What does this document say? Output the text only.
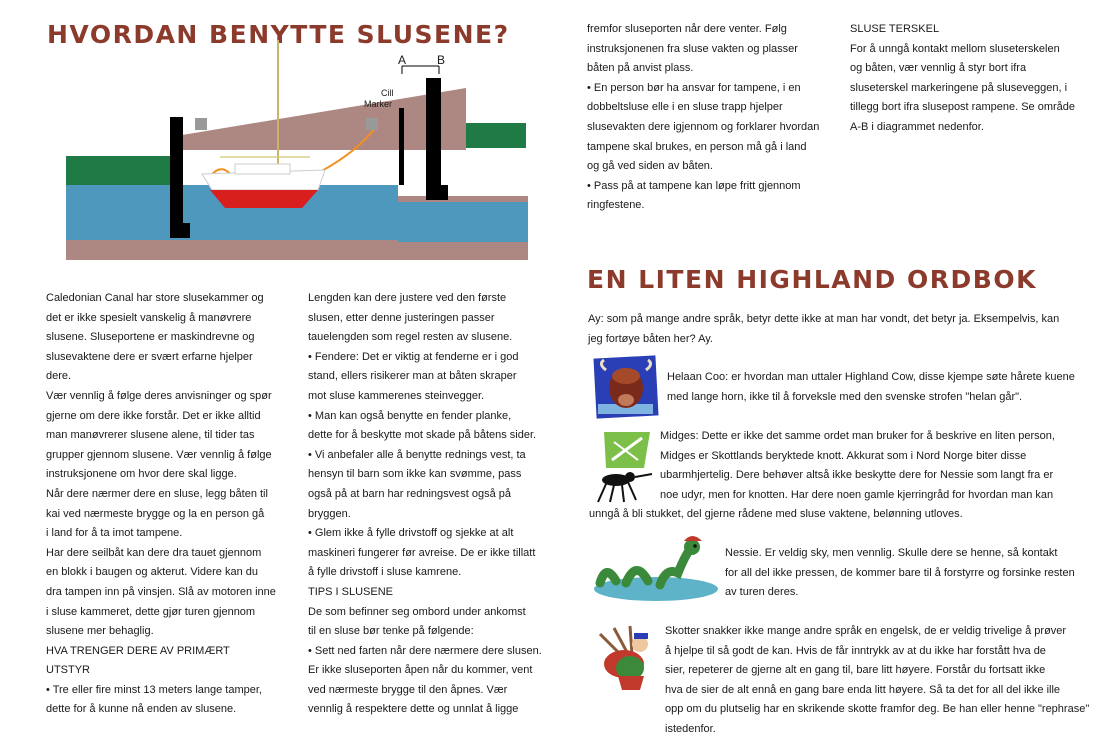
HVORDAN BENYTTE SLUSENE?
A	B
Cill
Marker

Caledonian Canal har store slusekammer og

det er ikke spesielt vanskelig å manøvrere

slusene. Sluseportene er maskindrevne og

slusevaktene dere er svært erfarne hjelper

dere.

Vær vennlig å følge deres anvisninger og spør

gjerne om dere ikke forstår. Det er ikke alltid

man manøvrerer slusene alene, til tider tas

grupper gjennom slusene. Vær vennlig å følge

instruksjonene om hvor dere skal ligge.

Når dere nærmer dere en sluse, legg båten til

kai ved nærmeste brygge og la en person gå

i land for å ta imot tampene.

Har dere seilbåt kan dere dra tauet gjennom

en blokk i baugen og akterut. Videre kan du

dra tampen inn på vinsjen. Slå av motoren inne

i sluse kammeret, dette gjør turen gjennom

slusene mer behaglig.

HVA TRENGER DERE AV PRIMÆRT

UTSTYR

• Tre eller fire minst 13 meters lange tamper,

dette for å kunne nå enden av slusene.

Lengden kan dere justere ved den første

slusen, etter denne justeringen passer

tauelengden som regel resten av slusene.

• Fendere: Det er viktig at fenderne er i god

stand, ellers risikerer man at båten skraper

mot sluse kammerenes steinvegger.

• Man kan også benytte en fender planke,

dette for å beskytte mot skade på båtens sider.

• Vi anbefaler alle å benytte rednings vest, ta

hensyn til barn som ikke kan svømme, pass

også på at barn har redningsvest også på

bryggen.

• Glem ikke å fylle drivstoff og sjekke at alt

maskineri fungerer før avreise. De er ikke tillatt

å fylle drivstoff i sluse kamrene.

TIPS I SLUSENE

De som befinner seg ombord under ankomst

til en sluse bør tenke på følgende:

• Sett ned farten når dere nærmere dere slusen.

Er ikke sluseporten åpen når du kommer, vent

ved nærmeste brygge til den åpnes. Vær

vennlig å respektere dette og unnlat å ligge

fremfor sluseporten når dere venter. Følg

instruksjonenen fra sluse vakten og plasser

båten på anvist plass.

• En person bør ha ansvar for tampene, i en

dobbeltsluse elle i en sluse trapp hjelper

slusevakten dere igjennom og forklarer hvordan

tampene skal brukes, en person må gå i land

og gå ved siden av båten.

• Pass på at tampene kan løpe fritt gjennom

ringfestene.

SLUSE TERSKEL

For å unngå kontakt mellom sluseterskelen

og båten, vær vennlig å styr bort ifra

sluseterskel markeringene på sluseveggen, i

tillegg bort ifra slusepost rampene. Se område

A-B i diagrammet nedenfor.

EN LITEN HIGHLAND ORDBOK

Ay: som på mange andre språk, betyr dette ikke at man har vondt, det betyr ja. Eksempelvis, kan

jeg fortøye båten her? Ay.

Helaan Coo: er hvordan man uttaler Highland Cow, disse kjempe søte hårete kuene

med lange horn, ikke til å forveksle med den svenske strofen "helan går".

Midges: Dette er ikke det samme ordet man bruker for å beskrive en liten person,

Midges er Skottlands beryktede knott. Akkurat som i Nord Norge biter disse

ubarmhjertelig. Dere behøver altså ikke beskytte dere for Nessie som langt fra er

noe udyr, men for knotten. Har dere noen gamle kjerringråd for hvordan man kan

unngå å bli stukket, del gjerne rådene med sluse vaktene, belønning utloves.

Nessie. Er veldig sky, men vennlig. Skulle dere se henne, så kontakt

for all del ikke pressen, de kommer bare til å forstyrre og forsinke resten

av turen deres.

Skotter snakker ikke mange andre språk en engelsk, de er veldig trivelige å prøver

å hjelpe til så godt de kan. Hvis de får inntrykk av at du ikke har forstått hva de

sier, repeterer de gjerne alt en gang til, bare litt høyere. Forstår du fortsatt ikke

hva de sier de alt ennå en gang bare enda litt høyere. Så ta det for all del ikke ille

opp om du plutselig har en skrikende skotte framfor deg. Be han eller henne "rephrase" istedenfor.
